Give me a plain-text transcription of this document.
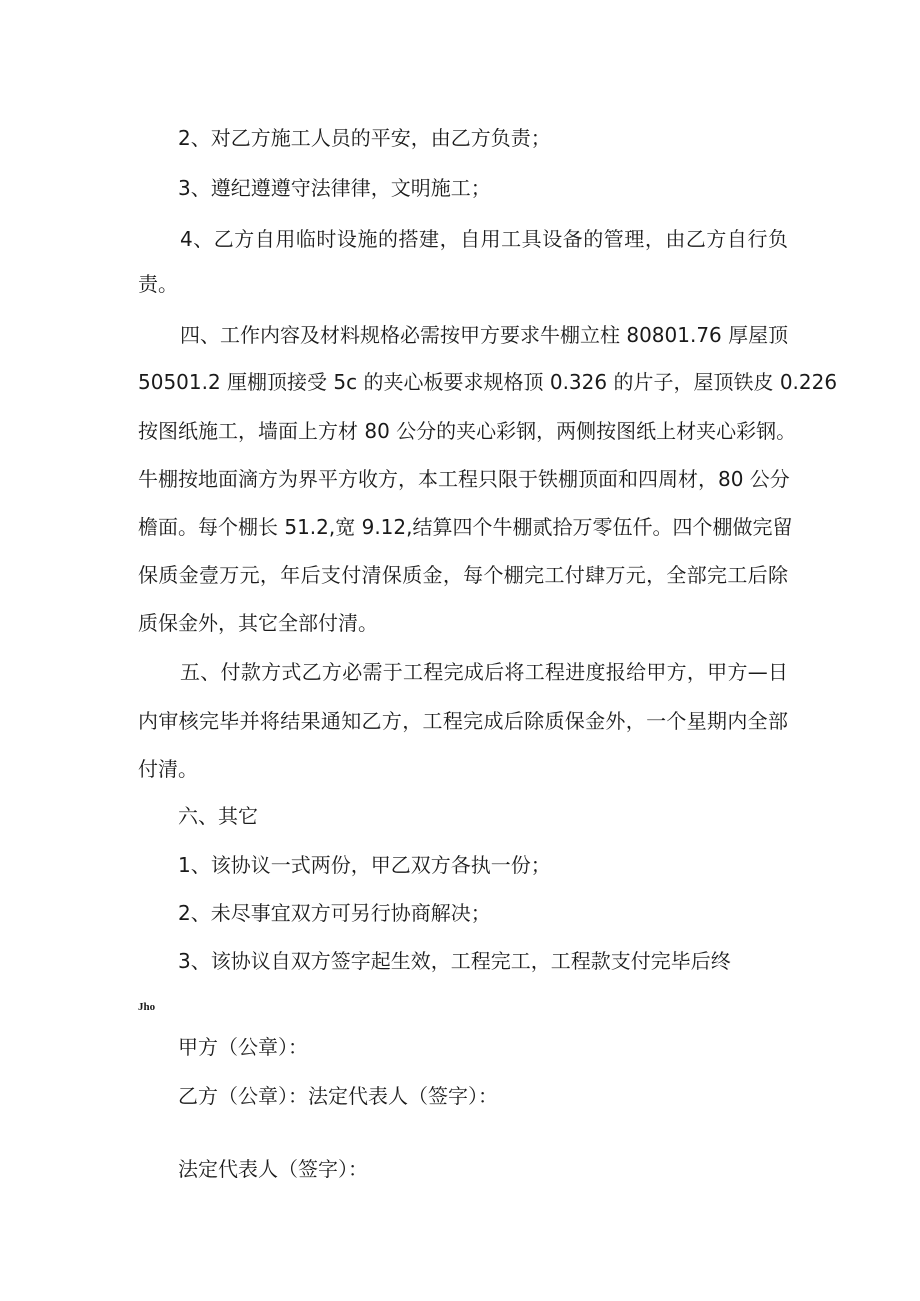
2、对乙方施工人员的平安，由乙方负责；
3、遵纪遵遵守法律律，文明施工；
4、乙方自用临时设施的搭建，自用工具设备的管理，由乙方自行负
责。
四、工作内容及材料规格必需按甲方要求牛棚立柱 80801.76 厚屋顶
50501.2 厘棚顶接受 5c 的夹心板要求规格顶 0.326 的片子，屋顶铁皮 0.226
按图纸施工，墙面上方材 80 公分的夹心彩钢，两侧按图纸上材夹心彩钢。
牛棚按地面滴方为界平方收方，本工程只限于铁棚顶面和四周材，80 公分
檐面。每个棚长 51.2,宽 9.12,结算四个牛棚贰拾万零伍仟。四个棚做完留
保质金壹万元，年后支付清保质金，每个棚完工付肆万元，全部完工后除
质保金外，其它全部付清。
五、付款方式乙方必需于工程完成后将工程进度报给甲方，甲方—日
内审核完毕并将结果通知乙方，工程完成后除质保金外，一个星期内全部
付清。
六、其它
1、该协议一式两份，甲乙双方各执一份；
2、未尽事宜双方可另行协商解决；
3、该协议自双方签字起生效，工程完工，工程款支付完毕后终
Jho
甲方（公章）：
乙方（公章）：法定代表人（签字）：
法定代表人（签字）：
